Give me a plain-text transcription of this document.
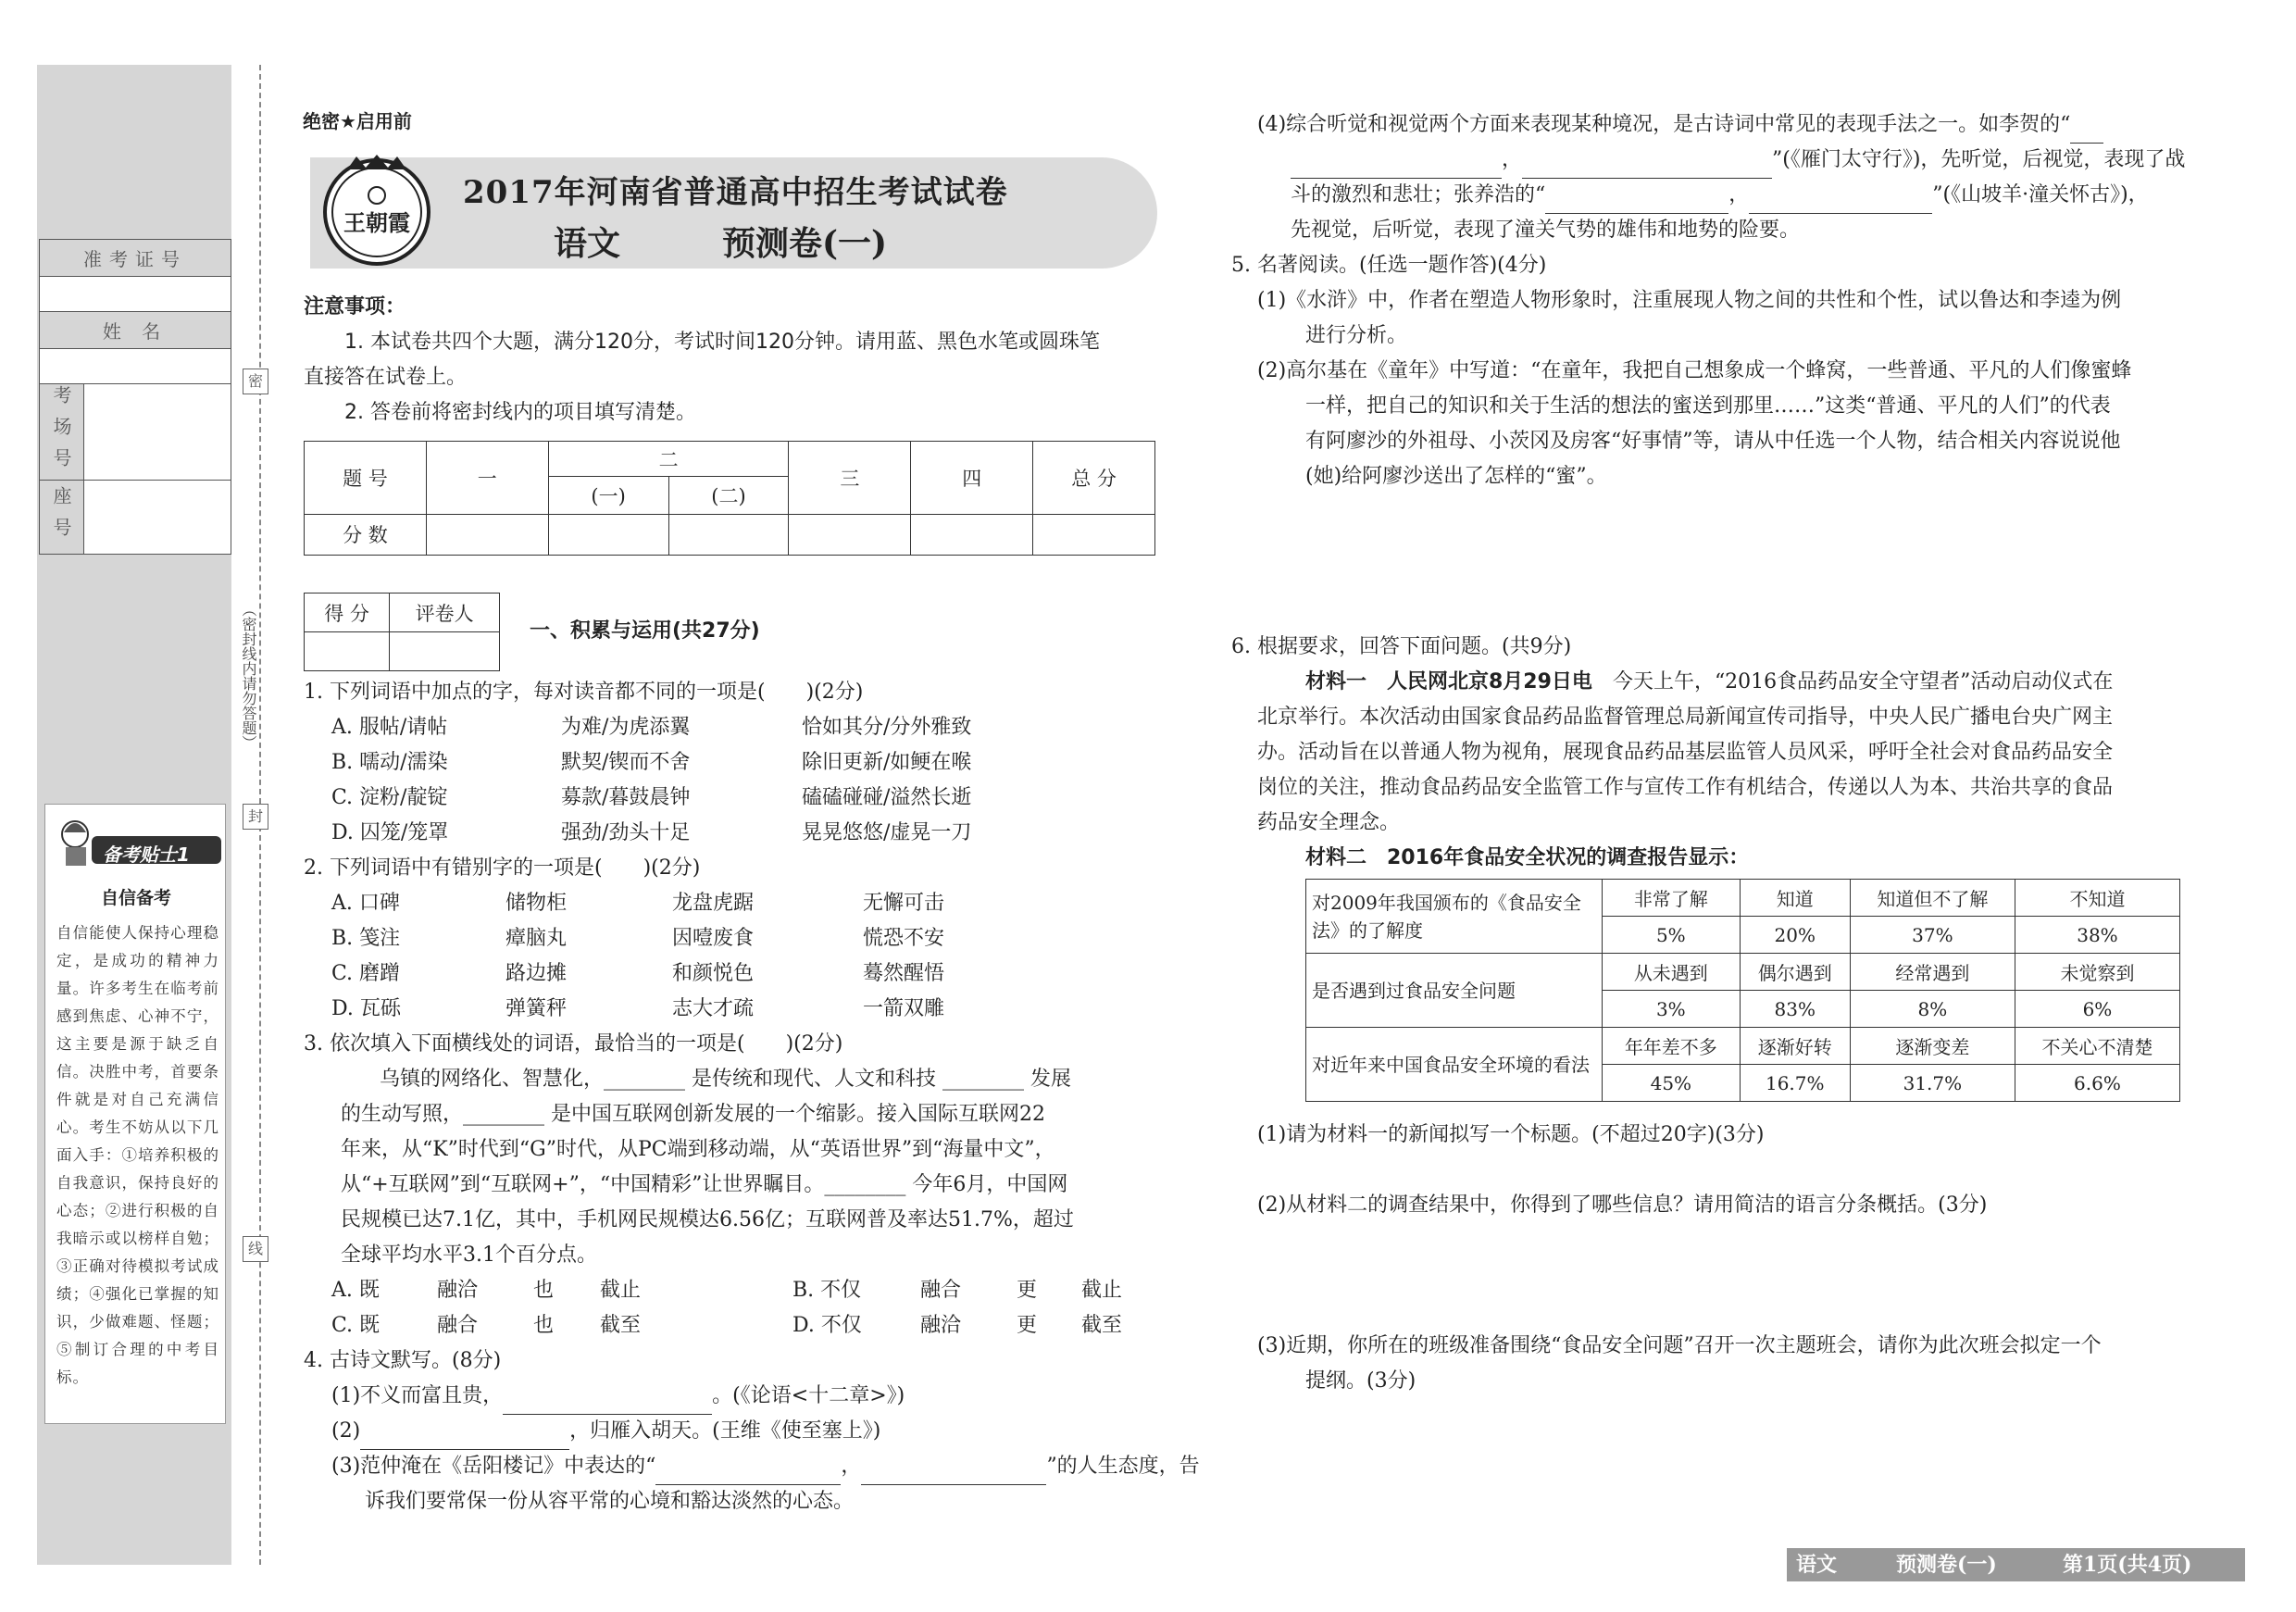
准考证号	

姓 名	

考场号	
座号	
密
封
线
（密封线内请勿答题）
备考贴士1
自信备考
自信能使人保持心理稳定，是成功的精神力量。许多考生在临考前感到焦虑、心神不宁，这主要是源于缺乏自信。决胜中考，首要条件就是对自己充满信心。考生不妨从以下几面入手：①培养积极的自我意识，保持良好的心态；②进行积极的自我暗示或以榜样自勉；③正确对待模拟考试成绩；④强化已掌握的知识，少做难题、怪题；⑤制订合理的中考目标。
绝密★启用前
王朝霞
2017年河南省普通高中招生考试试卷
语文	预测卷(一)
注意事项：
1. 本试卷共四个大题，满分120分，考试时间120分钟。请用蓝、黑色水笔或圆珠笔
直接答在试卷上。
2. 答卷前将密封线内的项目填写清楚。
题 号	一	二		三	四	总 分
		(一)	(二)			
分 数						
得 分	评卷人

一、积累与运用(共27分)
1. 下列词语中加点的字，每对读音都不同的一项是(　　)(2分)
A. 服帖/请帖	为难/为虎添翼	恰如其分/分外雅致
B. 嚅动/濡染	默契/锲而不舍	除旧更新/如鲠在喉
C. 淀粉/靛锭	募款/暮鼓晨钟	磕磕碰碰/溢然长逝
D. 囚笼/笼罩	强劲/劲头十足	晃晃悠悠/虚晃一刀
2. 下列词语中有错别字的一项是(　　)(2分)
A. 口碑	储物柜	龙盘虎踞	无懈可击
B. 笺注	瘴脑丸	因噎废食	慌恐不安
C. 磨蹭	路边摊	和颜悦色	蓦然醒悟
D. 瓦砾	弹簧秤	志大才疏	一箭双雕
3. 依次填入下面横线处的词语，最恰当的一项是(　　)(2分)
乌镇的网络化、智慧化，________ 是传统和现代、人文和科技 ________ 发展
的生动写照，________ 是中国互联网创新发展的一个缩影。接入国际互联网22
年来，从“K”时代到“G”时代，从PC端到移动端，从“英语世界”到“海量中文”，
从“+互联网”到“互联网+”，“中国精彩”让世界瞩目。________ 今年6月，中国网
民规模已达7.1亿，其中，手机网民规模达6.56亿；互联网普及率达51.7%，超过
全球平均水平3.1个百分点。
A. 既	融洽	也 截止	B. 不仅	融合	更 截止
C. 既	融合	也 截至	D. 不仅	融洽	更 截至
4. 古诗文默写。(8分)
(1)不义而富且贵，	。(《论语<十二章>》)
(2)	，归雁入胡天。(王维《使至塞上》)
(3)范仲淹在《岳阳楼记》中表达的“	，	”的人生态度，告
诉我们要常保一份从容平常的心境和豁达淡然的心态。
(4)综合听觉和视觉两个方面来表现某种境况，是古诗词中常见的表现手法之一。如李贺的“
，	”(《雁门太守行》)，先听觉，后视觉，表现了战
斗的激烈和悲壮；张养浩的“	，	”(《山坡羊·潼关怀古》)，
先视觉，后听觉，表现了潼关气势的雄伟和地势的险要。
5. 名著阅读。(任选一题作答)(4分)
(1)《水浒》中，作者在塑造人物形象时，注重展现人物之间的共性和个性，试以鲁达和李逵为例
进行分析。
(2)高尔基在《童年》中写道：“在童年，我把自己想象成一个蜂窝，一些普通、平凡的人们像蜜蜂
一样，把自己的知识和关于生活的想法的蜜送到那里……”这类“普通、平凡的人们”的代表
有阿廖沙的外祖母、小茨冈及房客“好事情”等，请从中任选一个人物，结合相关内容说说他
(她)给阿廖沙送出了怎样的“蜜”。
6. 根据要求，回答下面问题。(共9分)
材料一　人民网北京8月29日电　今天上午，“2016食品药品安全守望者”活动启动仪式在
北京举行。本次活动由国家食品药品监督管理总局新闻宣传司指导，中央人民广播电台央广网主
办。活动旨在以普通人物为视角，展现食品药品基层监管人员风采，呼吁全社会对食品药品安全
岗位的关注，推动食品药品安全监管工作与宣传工作有机结合，传递以人为本、共治共享的食品
药品安全理念。
材料二　2016年食品安全状况的调查报告显示：
对2009年我国颁布的《食品安全法》的了解度	非常了解	知道	知道但不了解	不知道
	5%	20%	37%	38%
是否遇到过食品安全问题	从未遇到	偶尔遇到	经常遇到	未觉察到
	3%	83%	8%	6%
对近年来中国食品安全环境的看法	年年差不多	逐渐好转	逐渐变差	不关心不清楚
	45%	16.7%	31.7%	6.6%
(1)请为材料一的新闻拟写一个标题。(不超过20字)(3分)
(2)从材料二的调查结果中，你得到了哪些信息？请用简洁的语言分条概括。(3分)
(3)近期，你所在的班级准备围绕“食品安全问题”召开一次主题班会，请你为此次班会拟定一个
提纲。(3分)
语文	预测卷(一)	第1页(共4页)
